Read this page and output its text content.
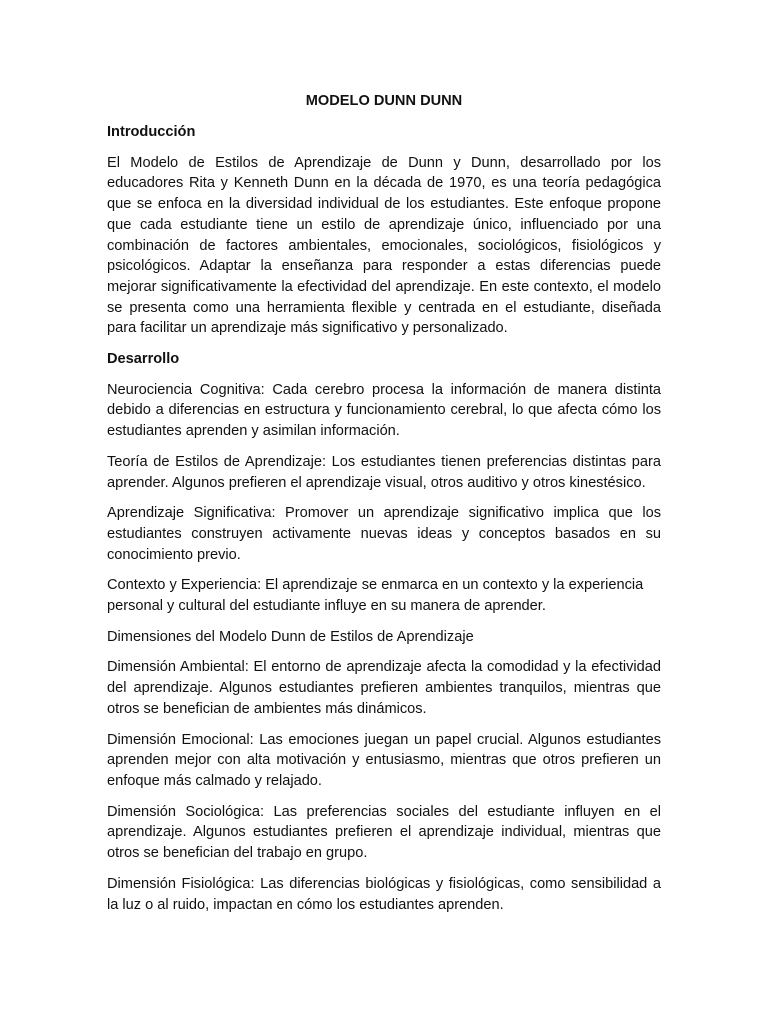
MODELO DUNN DUNN
Introducción

El Modelo de Estilos de Aprendizaje de Dunn y Dunn, desarrollado por los educadores Rita y Kenneth Dunn en la década de 1970, es una teoría pedagógica que se enfoca en la diversidad individual de los estudiantes. Este enfoque propone que cada estudiante tiene un estilo de aprendizaje único, influenciado por una combinación de factores ambientales, emocionales, sociológicos, fisiológicos y psicológicos. Adaptar la enseñanza para responder a estas diferencias puede mejorar significativamente la efectividad del aprendizaje. En este contexto, el modelo se presenta como una herramienta flexible y centrada en el estudiante, diseñada para facilitar un aprendizaje más significativo y personalizado.

Desarrollo

Neurociencia Cognitiva: Cada cerebro procesa la información de manera distinta debido a diferencias en estructura y funcionamiento cerebral, lo que afecta cómo los estudiantes aprenden y asimilan información.

Teoría de Estilos de Aprendizaje: Los estudiantes tienen preferencias distintas para aprender. Algunos prefieren el aprendizaje visual, otros auditivo y otros kinestésico.

Aprendizaje Significativa: Promover un aprendizaje significativo implica que los estudiantes construyen activamente nuevas ideas y conceptos basados en su conocimiento previo.

Contexto y Experiencia: El aprendizaje se enmarca en un contexto y la experiencia personal y cultural del estudiante influye en su manera de aprender.

Dimensiones del Modelo Dunn de Estilos de Aprendizaje

Dimensión Ambiental: El entorno de aprendizaje afecta la comodidad y la efectividad del aprendizaje. Algunos estudiantes prefieren ambientes tranquilos, mientras que otros se benefician de ambientes más dinámicos.

Dimensión Emocional: Las emociones juegan un papel crucial. Algunos estudiantes aprenden mejor con alta motivación y entusiasmo, mientras que otros prefieren un enfoque más calmado y relajado.

Dimensión Sociológica: Las preferencias sociales del estudiante influyen en el aprendizaje. Algunos estudiantes prefieren el aprendizaje individual, mientras que otros se benefician del trabajo en grupo.

Dimensión Fisiológica: Las diferencias biológicas y fisiológicas, como sensibilidad a la luz o al ruido, impactan en cómo los estudiantes aprenden.
